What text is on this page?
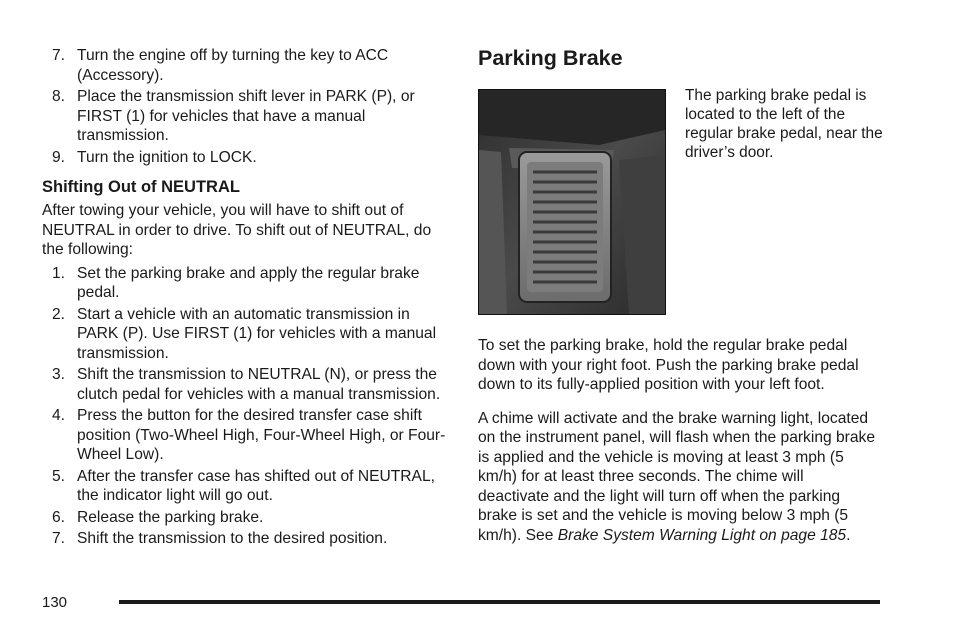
7. Turn the engine off by turning the key to ACC (Accessory).
8. Place the transmission shift lever in PARK (P), or FIRST (1) for vehicles that have a manual transmission.
9. Turn the ignition to LOCK.
Shifting Out of NEUTRAL

After towing your vehicle, you will have to shift out of NEUTRAL in order to drive. To shift out of NEUTRAL, do the following:

1. Set the parking brake and apply the regular brake pedal.
2. Start a vehicle with an automatic transmission in PARK (P). Use FIRST (1) for vehicles with a manual transmission.
3. Shift the transmission to NEUTRAL (N), or press the clutch pedal for vehicles with a manual transmission.
4. Press the button for the desired transfer case shift position (Two-Wheel High, Four-Wheel High, or Four-Wheel Low).
5. After the transfer case has shifted out of NEUTRAL, the indicator light will go out.
6. Release the parking brake.
7. Shift the transmission to the desired position.
Parking Brake

The parking brake pedal is located to the left of the regular brake pedal, near the driver’s door.

To set the parking brake, hold the regular brake pedal down with your right foot. Push the parking brake pedal down to its fully-applied position with your left foot.

A chime will activate and the brake warning light, located on the instrument panel, will flash when the parking brake is applied and the vehicle is moving at least 3 mph (5 km/h) for at least three seconds. The chime will deactivate and the light will turn off when the parking brake is set and the vehicle is moving below 3 mph (5 km/h). See Brake System Warning Light on page 185.

130
